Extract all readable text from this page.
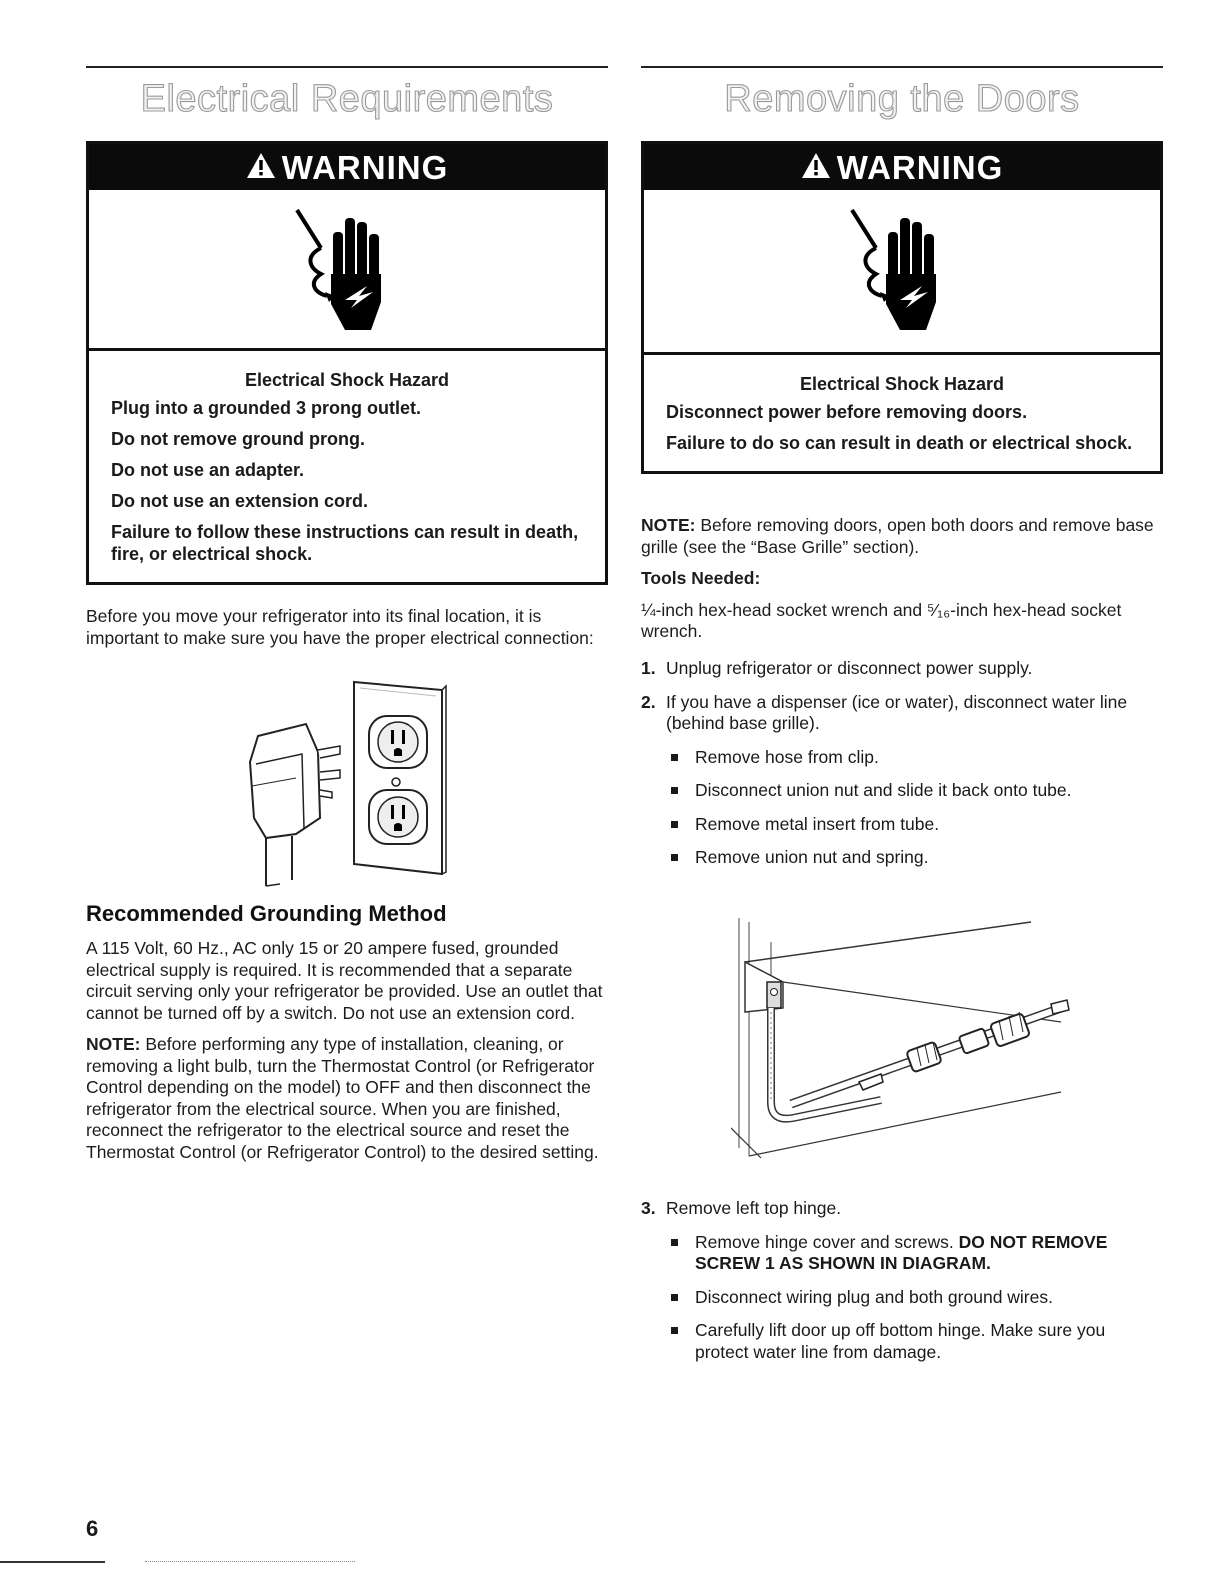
Electrical Requirements
WARNING
Electrical Shock Hazard

Plug into a grounded 3 prong outlet.

Do not remove ground prong.

Do not use an adapter.

Do not use an extension cord.

Failure to follow these instructions can result in death, fire, or electrical shock.

Before you move your refrigerator into its final location, it is important to make sure you have the proper electrical connection:

Recommended Grounding Method

A 115 Volt, 60 Hz., AC only 15 or 20 ampere fused, grounded electrical supply is required. It is recommended that a separate circuit serving only your refrigerator be provided. Use an outlet that cannot be turned off by a switch. Do not use an extension cord.

NOTE: Before performing any type of installation, cleaning, or removing a light bulb, turn the Thermostat Control (or Refrigerator Control depending on the model) to OFF and then disconnect the refrigerator from the electrical source. When you are finished, reconnect the refrigerator to the electrical source and reset the Thermostat Control (or Refrigerator Control) to the desired setting.

Removing the Doors
WARNING
Electrical Shock Hazard

Disconnect power before removing doors.

Failure to do so can result in death or electrical shock.

NOTE: Before removing doors, open both doors and remove base grille (see the “Base Grille” section).

Tools Needed:

¼-inch hex-head socket wrench and ⁵⁄₁₆-inch hex-head socket wrench.

1. Unplug refrigerator or disconnect power supply.
2. If you have a dispenser (ice or water), disconnect water line (behind base grille).
Remove hose from clip.
Disconnect union nut and slide it back onto tube.
Remove metal insert from tube.
Remove union nut and spring.
3. Remove left top hinge.
Remove hinge cover and screws. DO NOT REMOVE SCREW 1 AS SHOWN IN DIAGRAM.
Disconnect wiring plug and both ground wires.
Carefully lift door up off bottom hinge. Make sure you protect water line from damage.
6
